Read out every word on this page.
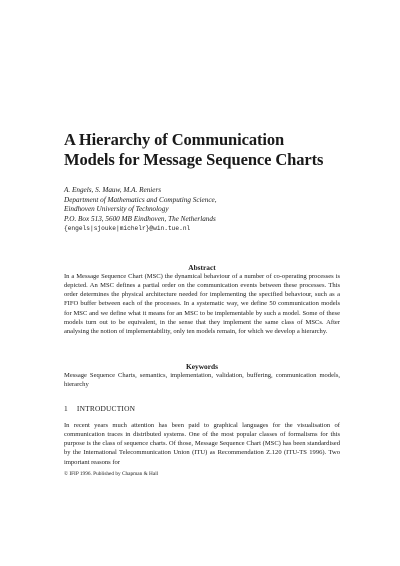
A Hierarchy of Communication
Models for Message Sequence Charts
A. Engels, S. Mauw, M.A. Reniers
Department of Mathematics and Computing Science,
Eindhoven University of Technology
P.O. Box 513, 5600 MB Eindhoven, The Netherlands
{engels|sjouke|michelr}@win.tue.nl
Abstract
In a Message Sequence Chart (MSC) the dynamical behaviour of a number of co-operating processes is depicted. An MSC defines a partial order on the communication events between these processes. This order determines the physical architecture needed for implementing the specified behaviour, such as a FIFO buffer between each of the processes. In a systematic way, we define 50 communication models for MSC and we define what it means for an MSC to be implementable by such a model. Some of these models turn out to be equivalent, in the sense that they implement the same class of MSCs. After analysing the notion of implementability, only ten models remain, for which we develop a hierarchy.
Keywords
Message Sequence Charts, semantics, implementation, validation, buffering, communication models, hierarchy
1 INTRODUCTION
In recent years much attention has been paid to graphical languages for the visualisation of communication traces in distributed systems. One of the most popular classes of formalisms for this purpose is the class of sequence charts. Of those, Message Sequence Chart (MSC) has been standardised by the International Telecommunication Union (ITU) as Recommendation Z.120 (ITU-TS 1996). Two important reasons for
© IFIP 1996. Published by Chapman & Hall
